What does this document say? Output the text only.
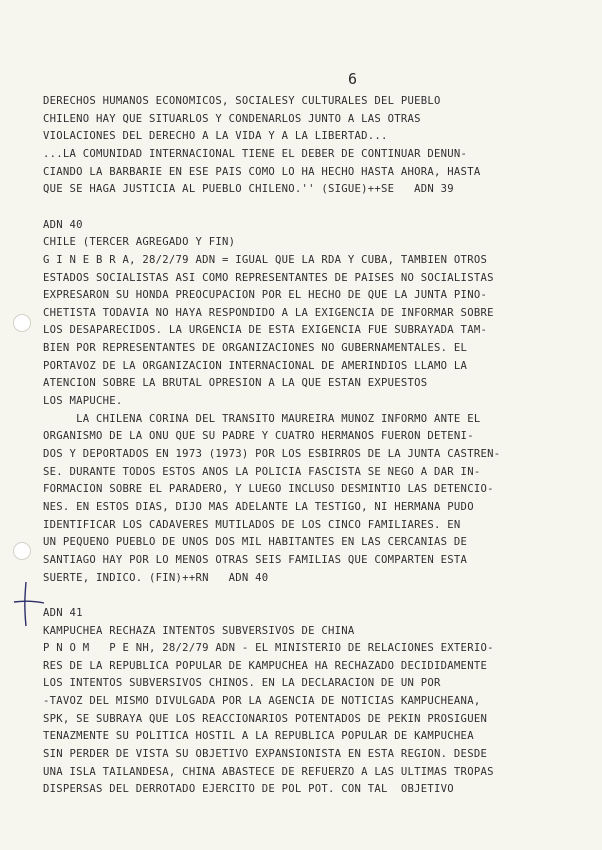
6
DERECHOS HUMANOS ECONOMICOS, SOCIALESY CULTURALES DEL PUEBLO
CHILENO HAY QUE SITUARLOS Y CONDENARLOS JUNTO A LAS OTRAS
VIOLACIONES DEL DERECHO A LA VIDA Y A LA LIBERTAD...
...LA COMUNIDAD INTERNACIONAL TIENE EL DEBER DE CONTINUAR DENUN-
CIANDO LA BARBARIE EN ESE PAIS COMO LO HA HECHO HASTA AHORA, HASTA
QUE SE HAGA JUSTICIA AL PUEBLO CHILENO.'' (SIGUE)++SE   ADN 39
ADN 40
CHILE (TERCER AGREGADO Y FIN)
G I N E B R A, 28/2/79 ADN = IGUAL QUE LA RDA Y CUBA, TAMBIEN OTROS
ESTADOS SOCIALISTAS ASI COMO REPRESENTANTES DE PAISES NO SOCIALISTAS
EXPRESARON SU HONDA PREOCUPACION POR EL HECHO DE QUE LA JUNTA PINO-
CHETISTA TODAVIA NO HAYA RESPONDIDO A LA EXIGENCIA DE INFORMAR SOBRE
LOS DESAPARECIDOS. LA URGENCIA DE ESTA EXIGENCIA FUE SUBRAYADA TAM-
BIEN POR REPRESENTANTES DE ORGANIZACIONES NO GUBERNAMENTALES. EL
PORTAVOZ DE LA ORGANIZACION INTERNACIONAL DE AMERINDIOS LLAMO LA
ATENCION SOBRE LA BRUTAL OPRESION A LA QUE ESTAN EXPUESTOS
LOS MAPUCHE.
LA CHILENA CORINA DEL TRANSITO MAUREIRA MUNOZ INFORMO ANTE EL
ORGANISMO DE LA ONU QUE SU PADRE Y CUATRO HERMANOS FUERON DETENI-
DOS Y DEPORTADOS EN 1973 (1973) POR LOS ESBIRROS DE LA JUNTA CASTREN-
SE. DURANTE TODOS ESTOS ANOS LA POLICIA FASCISTA SE NEGO A DAR IN-
FORMACION SOBRE EL PARADERO, Y LUEGO INCLUSO DESMINTIO LAS DETENCIO-
NES. EN ESTOS DIAS, DIJO MAS ADELANTE LA TESTIGO, NI HERMANA PUDO
IDENTIFICAR LOS CADAVERES MUTILADOS DE LOS CINCO FAMILIARES. EN
UN PEQUENO PUEBLO DE UNOS DOS MIL HABITANTES EN LAS CERCANIAS DE
SANTIAGO HAY POR LO MENOS OTRAS SEIS FAMILIAS QUE COMPARTEN ESTA
SUERTE, INDICO. (FIN)++RN   ADN 40
ADN 41
KAMPUCHEA RECHAZA INTENTOS SUBVERSIVOS DE CHINA
P N O M   P E NH, 28/2/79 ADN - EL MINISTERIO DE RELACIONES EXTERIO-
RES DE LA REPUBLICA POPULAR DE KAMPUCHEA HA RECHAZADO DECIDIDAMENTE
LOS INTENTOS SUBVERSIVOS CHINOS. EN LA DECLARACION DE UN POR
-TAVOZ DEL MISMO DIVULGADA POR LA AGENCIA DE NOTICIAS KAMPUCHEANA,
SPK, SE SUBRAYA QUE LOS REACCIONARIOS POTENTADOS DE PEKIN PROSIGUEN
TENAZMENTE SU POLITICA HOSTIL A LA REPUBLICA POPULAR DE KAMPUCHEA
SIN PERDER DE VISTA SU OBJETIVO EXPANSIONISTA EN ESTA REGION. DESDE
UNA ISLA TAILANDESA, CHINA ABASTECE DE REFUERZO A LAS ULTIMAS TROPAS
DISPERSAS DEL DERROTADO EJERCITO DE POL POT. CON TAL  OBJETIVO
